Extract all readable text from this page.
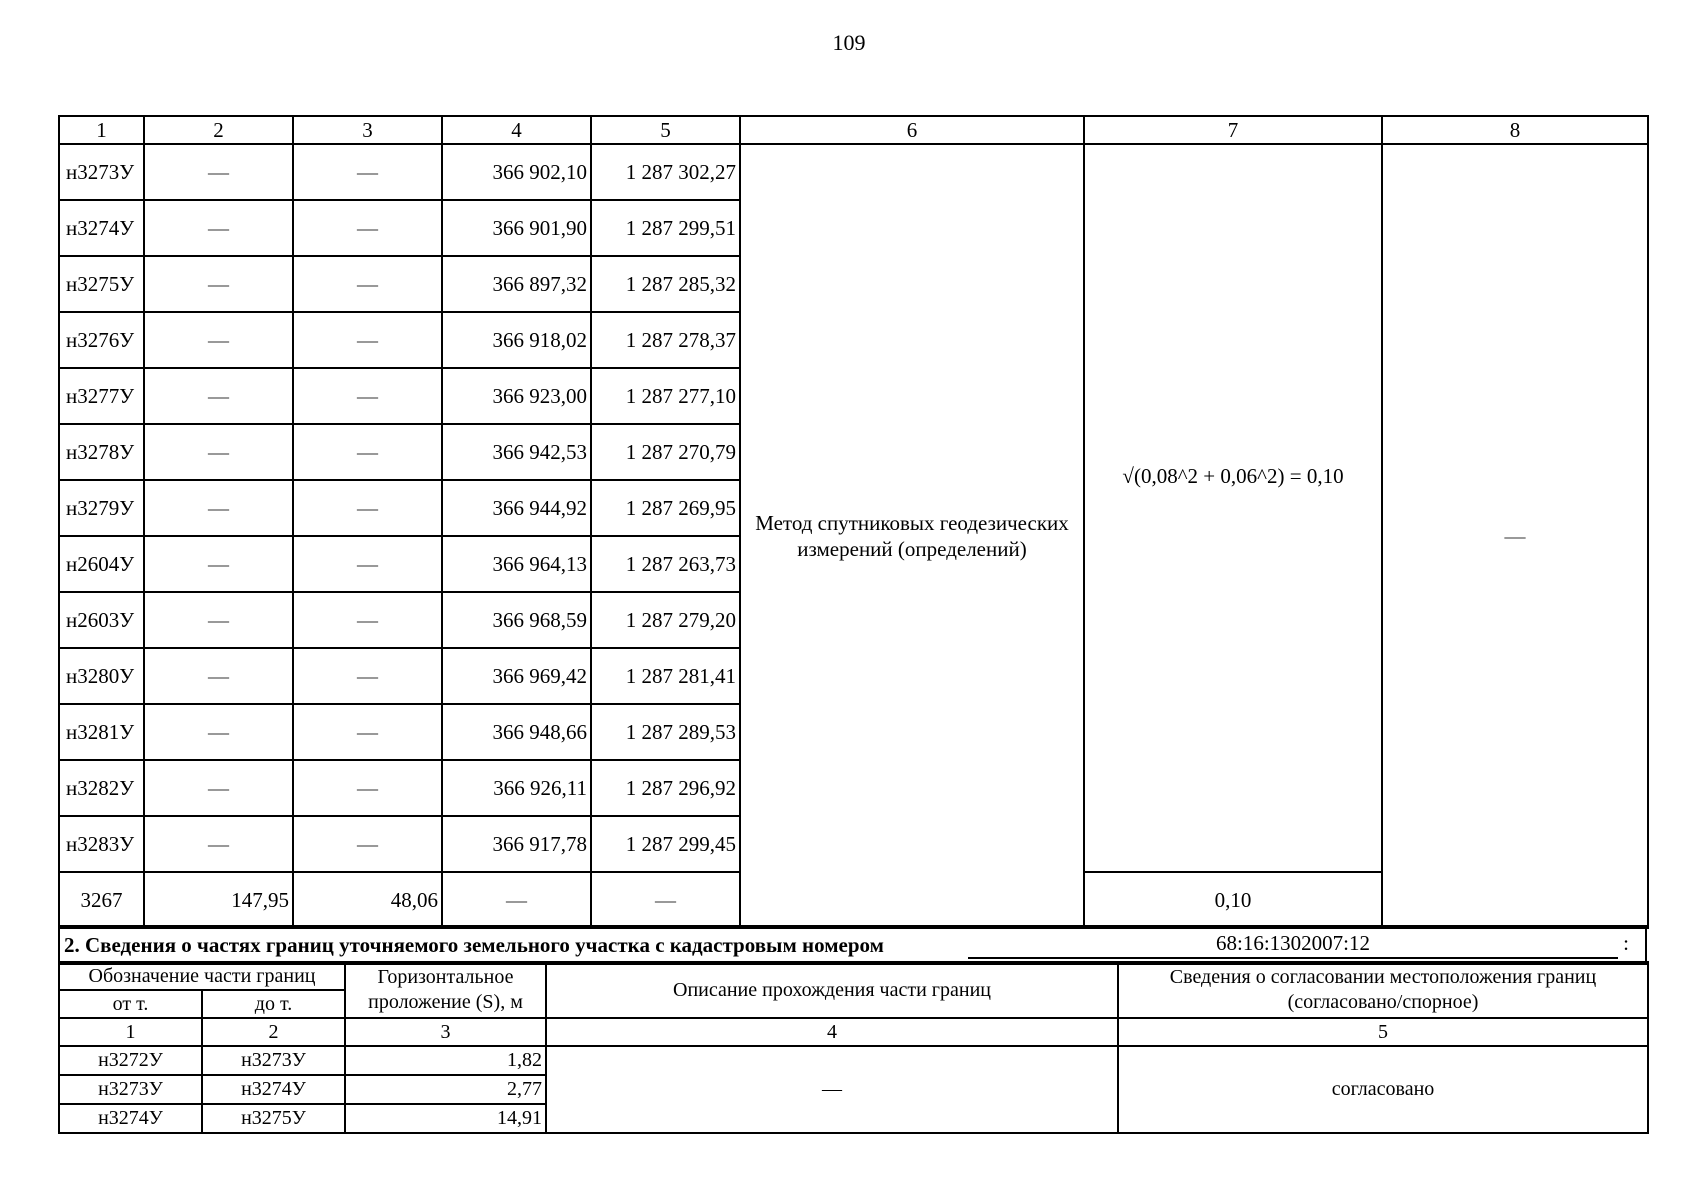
109
1	2	3	4	5	6	7	8
н3273У	—	—	366 902,10	1 287 302,27	Метод спутниковых геодезических измерений (определений)	√(0,08^2 + 0,06^2) = 0,10	—
н3274У	—	—	366 901,90	1 287 299,51			
н3275У	—	—	366 897,32	1 287 285,32			
н3276У	—	—	366 918,02	1 287 278,37			
н3277У	—	—	366 923,00	1 287 277,10			
н3278У	—	—	366 942,53	1 287 270,79			
н3279У	—	—	366 944,92	1 287 269,95			
н2604У	—	—	366 964,13	1 287 263,73			
н2603У	—	—	366 968,59	1 287 279,20			
н3280У	—	—	366 969,42	1 287 281,41			
н3281У	—	—	366 948,66	1 287 289,53			
н3282У	—	—	366 926,11	1 287 296,92			
н3283У	—	—	366 917,78	1 287 299,45			
3267	147,95	48,06	—	—		0,10	
2. Сведения о частях границ уточняемого земельного участка с кадастровым номером	68:16:1302007:12	:
Обозначение части границ		Горизонтальное проложение (S), м	Описание прохождения части границ	Сведения о согласовании местоположения границ (согласовано/спорное)
от т.	до т.			
1	2	3	4	5
н3272У	н3273У	1,82	—	согласовано
н3273У	н3274У	2,77		
н3274У	н3275У	14,91		
